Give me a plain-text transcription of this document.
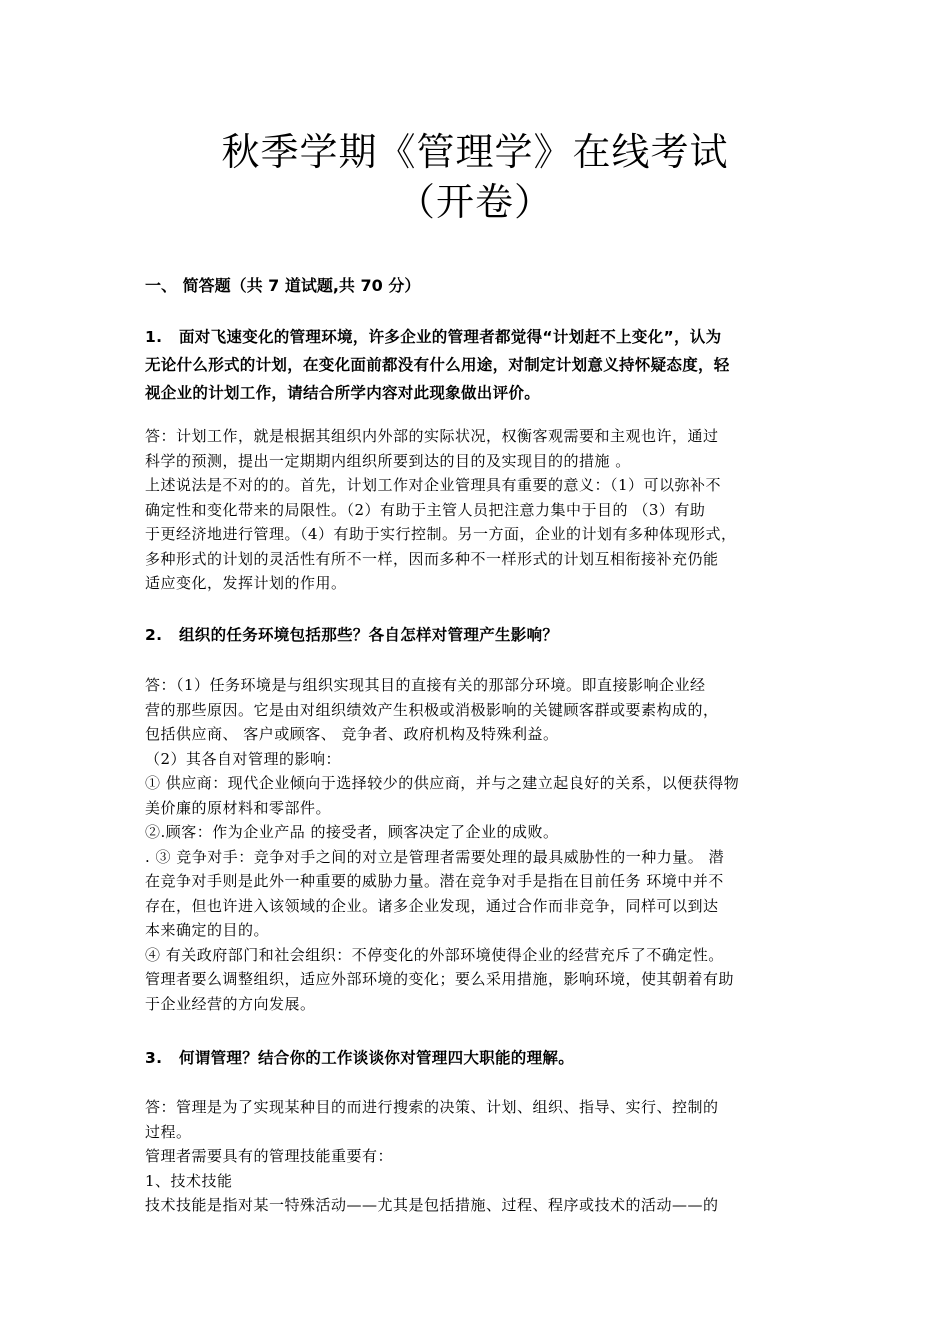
秋季学期《管理学》在线考试
（开卷）
一、 简答题（共 7 道试题,共 70 分）
1. 面对飞速变化的管理环境，许多企业的管理者都觉得“计划赶不上变化”，认为
无论什么形式的计划，在变化面前都没有什么用途，对制定计划意义持怀疑态度，轻
视企业的计划工作，请结合所学内容对此现象做出评价。
答：计划工作，就是根据其组织内外部的实际状况，权衡客观需要和主观也许，通过
科学的预测，提出一定期期内组织所要到达的目的及实现目的的措施 。
上述说法是不对的的。首先，计划工作对企业管理具有重要的意义：（1）可以弥补不
确定性和变化带来的局限性。（2）有助于主管人员把注意力集中于目的 （3）有助
于更经济地进行管理。（4）有助于实行控制。另一方面，企业的计划有多种体现形式，
多种形式的计划的灵活性有所不一样，因而多种不一样形式的计划互相衔接补充仍能
适应变化，发挥计划的作用。
2. 组织的任务环境包括那些？各自怎样对管理产生影响？
答：（1）任务环境是与组织实现其目的直接有关的那部分环境。即直接影响企业经
营的那些原因。它是由对组织绩效产生积极或消极影响的关键顾客群或要素构成的，
包括供应商、 客户或顾客、 竞争者、政府机构及特殊利益。
（2）其各自对管理的影响：
① 供应商：现代企业倾向于选择较少的供应商，并与之建立起良好的关系，以便获得物
美价廉的原材料和零部件。
②.顾客：作为企业产品 的接受者，顾客决定了企业的成败。
. ③ 竞争对手：竞争对手之间的对立是管理者需要处理的最具威胁性的一种力量。 潜
在竞争对手则是此外一种重要的威胁力量。潜在竞争对手是指在目前任务 环境中并不
存在，但也许进入该领域的企业。诸多企业发现，通过合作而非竞争，同样可以到达
本来确定的目的。
④ 有关政府部门和社会组织：不停变化的外部环境使得企业的经营充斥了不确定性。
管理者要么调整组织，适应外部环境的变化；要么采用措施，影响环境，使其朝着有助
于企业经营的方向发展。
3. 何谓管理？结合你的工作谈谈你对管理四大职能的理解。
答：管理是为了实现某种目的而进行搜索的决策、计划、组织、指导、实行、控制的
过程。
管理者需要具有的管理技能重要有：
1、技术技能
技术技能是指对某一特殊活动——尤其是包括措施、过程、程序或技术的活动——的
